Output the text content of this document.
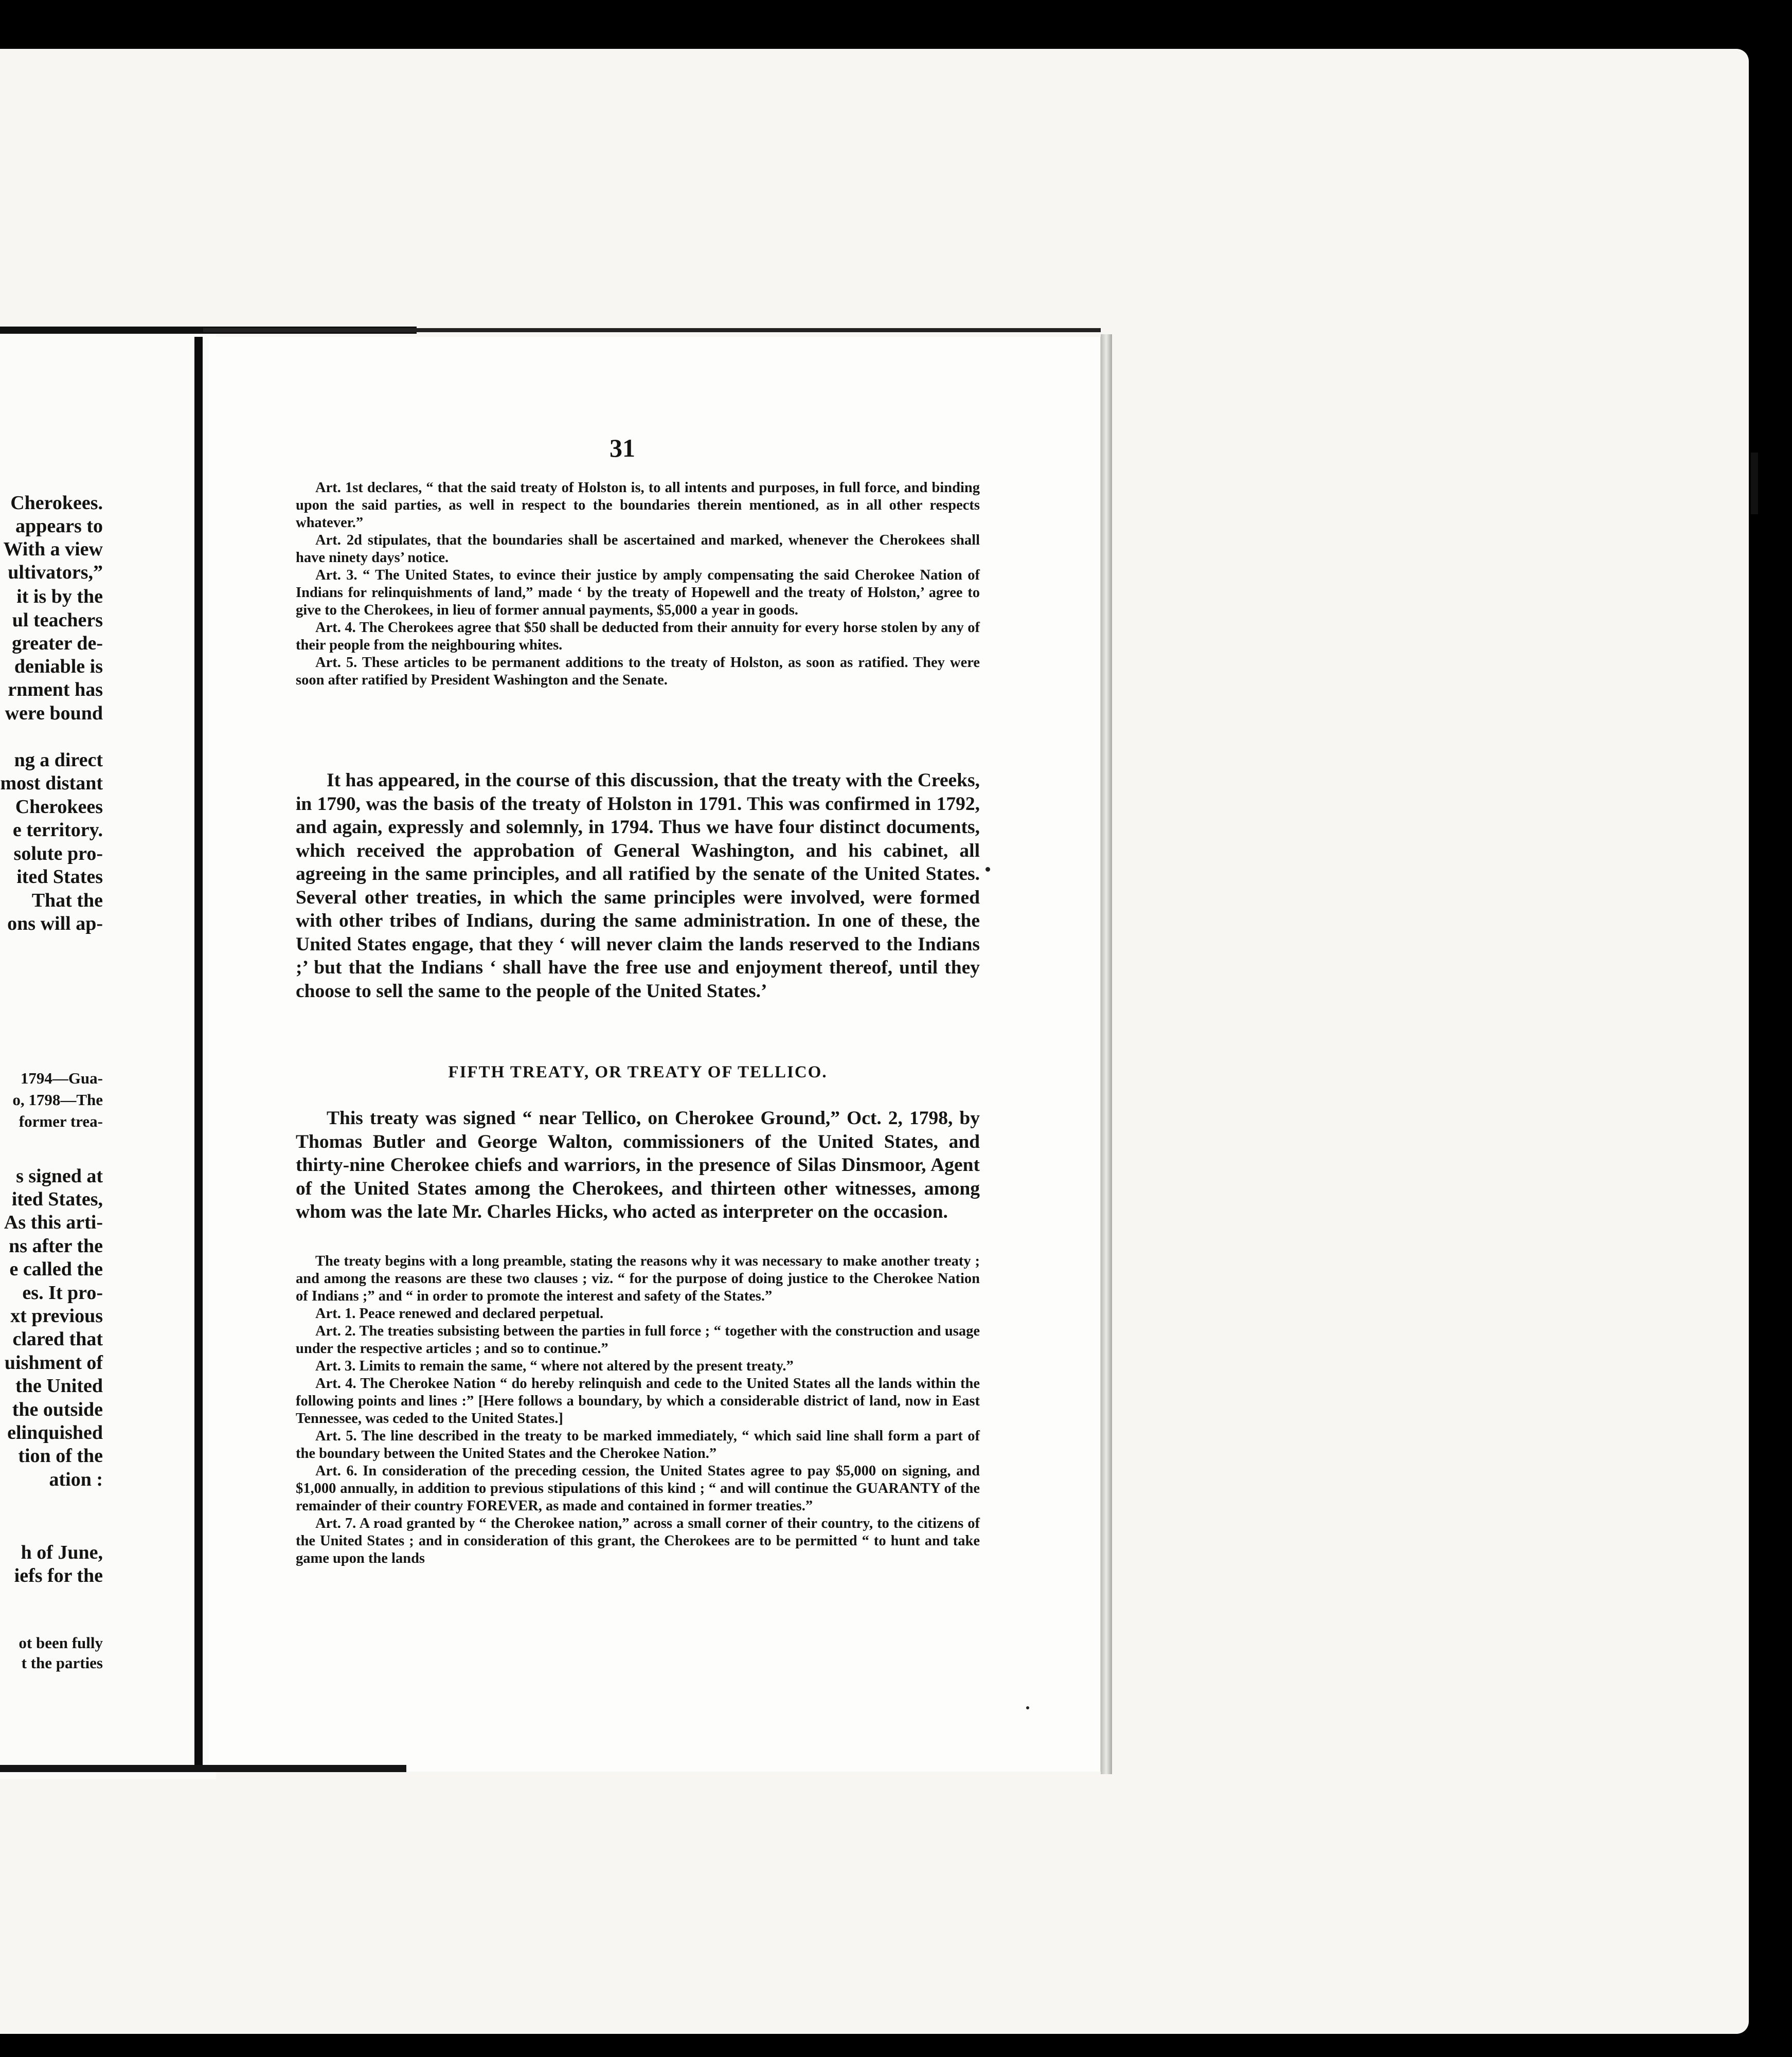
Cherokees.
appears to
With a view
ultivators,”
it is by the
ul teachers
greater de-
deniable is
rnment has
were bound
ng a direct
most distant
Cherokees
e territory.
solute pro-
ited States
That the
ons will ap-
1794—Gua-
o, 1798—The
former trea-
s signed at
ited States,
As this arti-
ns after the
e called the
es. It pro-
xt previous
clared that
uishment of
the United
the outside
elinquished
tion of the
ation :
h of June,
iefs for the
ot been fully
t the parties
31

Art. 1st declares, “ that the said treaty of Holston is, to all intents and purposes, in full force, and binding upon the said parties, as well in respect to the boundaries therein mentioned, as in all other respects whatever.”

Art. 2d stipulates, that the boundaries shall be ascertained and marked, whenever the Cherokees shall have ninety days’ notice.

Art. 3. “ The United States, to evince their justice by amply compensating the said Cherokee Nation of Indians for relinquishments of land,” made ‘ by the treaty of Hopewell and the treaty of Holston,’ agree to give to the Cherokees, in lieu of former annual payments, $5,000 a year in goods.

Art. 4. The Cherokees agree that $50 shall be deducted from their annuity for every horse stolen by any of their people from the neighbouring whites.

Art. 5. These articles to be permanent additions to the treaty of Holston, as soon as ratified. They were soon after ratified by President Washington and the Senate.

It has appeared, in the course of this discussion, that the treaty with the Creeks, in 1790, was the basis of the treaty of Holston in 1791. This was confirmed in 1792, and again, expressly and solemnly, in 1794. Thus we have four distinct documents, which received the approbation of General Washington, and his cabinet, all agreeing in the same principles, and all ratified by the senate of the United States. Several other treaties, in which the same principles were involved, were formed with other tribes of Indians, during the same administration. In one of these, the United States engage, that they ‘ will never claim the lands reserved to the Indians ;’ but that the Indians ‘ shall have the free use and enjoyment thereof, until they choose to sell the same to the people of the United States.’

FIFTH TREATY, OR TREATY OF TELLICO.

This treaty was signed “ near Tellico, on Cherokee Ground,” Oct. 2, 1798, by Thomas Butler and George Walton, commissioners of the United States, and thirty-nine Cherokee chiefs and warriors, in the presence of Silas Dinsmoor, Agent of the United States among the Cherokees, and thirteen other witnesses, among whom was the late Mr. Charles Hicks, who acted as interpreter on the occasion.

The treaty begins with a long preamble, stating the reasons why it was necessary to make another treaty ; and among the reasons are these two clauses ; viz. “ for the purpose of doing justice to the Cherokee Nation of Indians ;” and “ in order to promote the interest and safety of the States.”

Art. 1. Peace renewed and declared perpetual.

Art. 2. The treaties subsisting between the parties in full force ; “ together with the construction and usage under the respective articles ; and so to continue.”

Art. 3. Limits to remain the same, “ where not altered by the present treaty.”

Art. 4. The Cherokee Nation “ do hereby relinquish and cede to the United States all the lands within the following points and lines :” [Here follows a boundary, by which a considerable district of land, now in East Tennessee, was ceded to the United States.]

Art. 5. The line described in the treaty to be marked immediately, “ which said line shall form a part of the boundary between the United States and the Cherokee Nation.”

Art. 6. In consideration of the preceding cession, the United States agree to pay $5,000 on signing, and $1,000 annually, in addition to previous stipulations of this kind ; “ and will continue the GUARANTY of the remainder of their country FOREVER, as made and contained in former treaties.”

Art. 7. A road granted by “ the Cherokee nation,” across a small corner of their country, to the citizens of the United States ; and in consideration of this grant, the Cherokees are to be permitted “ to hunt and take game upon the lands
